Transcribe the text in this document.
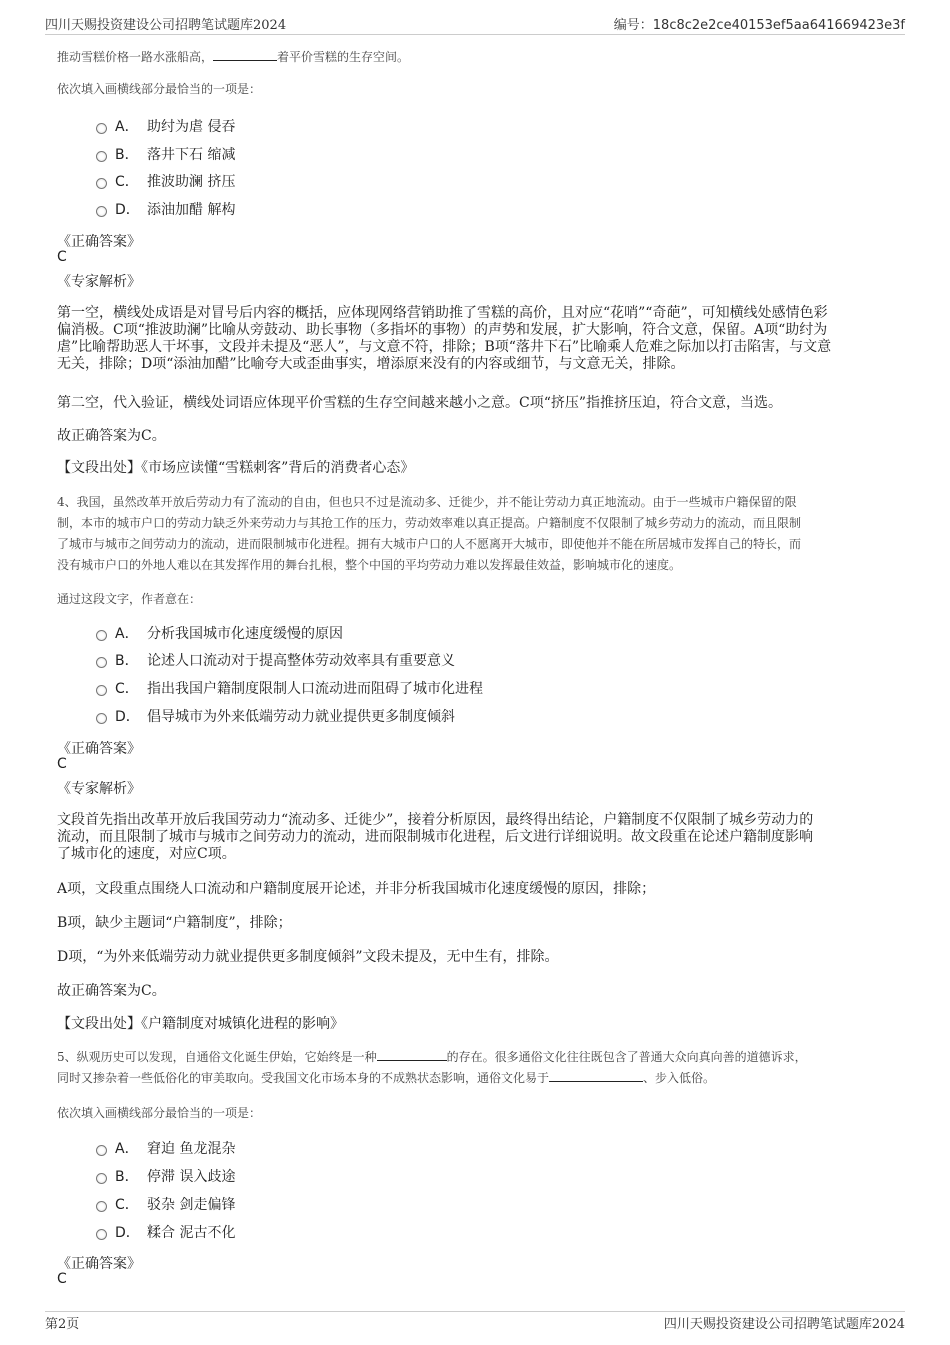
四川天赐投资建设公司招聘笔试题库2024	编号：18c8c2e2ce40153ef5aa641669423e3f
推动雪糕价格一路水涨船高，	着平价雪糕的生存空间。
依次填入画横线部分最恰当的一项是：
A． 助纣为虐 侵吞
B． 落井下石 缩减
C． 推波助澜 挤压
D． 添油加醋 解构
《正确答案》
C
《专家解析》
第一空，横线处成语是对冒号后内容的概括，应体现网络营销助推了雪糕的高价，且对应“花哨”“奇葩”，可知横线处感情色彩
偏消极。C项“推波助澜”比喻从旁鼓动、助长事物（多指坏的事物）的声势和发展，扩大影响，符合文意，保留。A项“助纣为
虐”比喻帮助恶人干坏事，文段并未提及“恶人”，与文意不符，排除；B项“落井下石”比喻乘人危难之际加以打击陷害，与文意
无关，排除；D项“添油加醋”比喻夸大或歪曲事实，增添原来没有的内容或细节，与文意无关，排除。
第二空，代入验证，横线处词语应体现平价雪糕的生存空间越来越小之意。C项“挤压”指推挤压迫，符合文意，当选。
故正确答案为C。
【文段出处】《市场应读懂“雪糕刺客”背后的消费者心态》
4、我国，虽然改革开放后劳动力有了流动的自由，但也只不过是流动多、迁徙少，并不能让劳动力真正地流动。由于一些城市户籍保留的限
制，本市的城市户口的劳动力缺乏外来劳动力与其抢工作的压力，劳动效率难以真正提高。户籍制度不仅限制了城乡劳动力的流动，而且限制
了城市与城市之间劳动力的流动，进而限制城市化进程。拥有大城市户口的人不愿离开大城市，即使他并不能在所居城市发挥自己的特长，而
没有城市户口的外地人难以在其发挥作用的舞台扎根，整个中国的平均劳动力难以发挥最佳效益，影响城市化的速度。
通过这段文字，作者意在：
A． 分析我国城市化速度缓慢的原因
B． 论述人口流动对于提高整体劳动效率具有重要意义
C． 指出我国户籍制度限制人口流动进而阻碍了城市化进程
D． 倡导城市为外来低端劳动力就业提供更多制度倾斜
《正确答案》
C
《专家解析》
文段首先指出改革开放后我国劳动力“流动多、迁徙少”，接着分析原因，最终得出结论，户籍制度不仅限制了城乡劳动力的
流动，而且限制了城市与城市之间劳动力的流动，进而限制城市化进程，后文进行详细说明。故文段重在论述户籍制度影响
了城市化的速度，对应C项。
A项，文段重点围绕人口流动和户籍制度展开论述，并非分析我国城市化速度缓慢的原因，排除；
B项，缺少主题词“户籍制度”，排除；
D项，“为外来低端劳动力就业提供更多制度倾斜”文段未提及，无中生有，排除。
故正确答案为C。
【文段出处】《户籍制度对城镇化进程的影响》
5、纵观历史可以发现，自通俗文化诞生伊始，它始终是一种	的存在。很多通俗文化往往既包含了普通大众向真向善的道德诉求，
同时又掺杂着一些低俗化的审美取向。受我国文化市场本身的不成熟状态影响，通俗文化易于	、步入低俗。
依次填入画横线部分最恰当的一项是：
A． 窘迫 鱼龙混杂
B． 停滞 误入歧途
C． 驳杂 剑走偏锋
D． 糅合 泥古不化
《正确答案》
C
第2页	四川天赐投资建设公司招聘笔试题库2024
